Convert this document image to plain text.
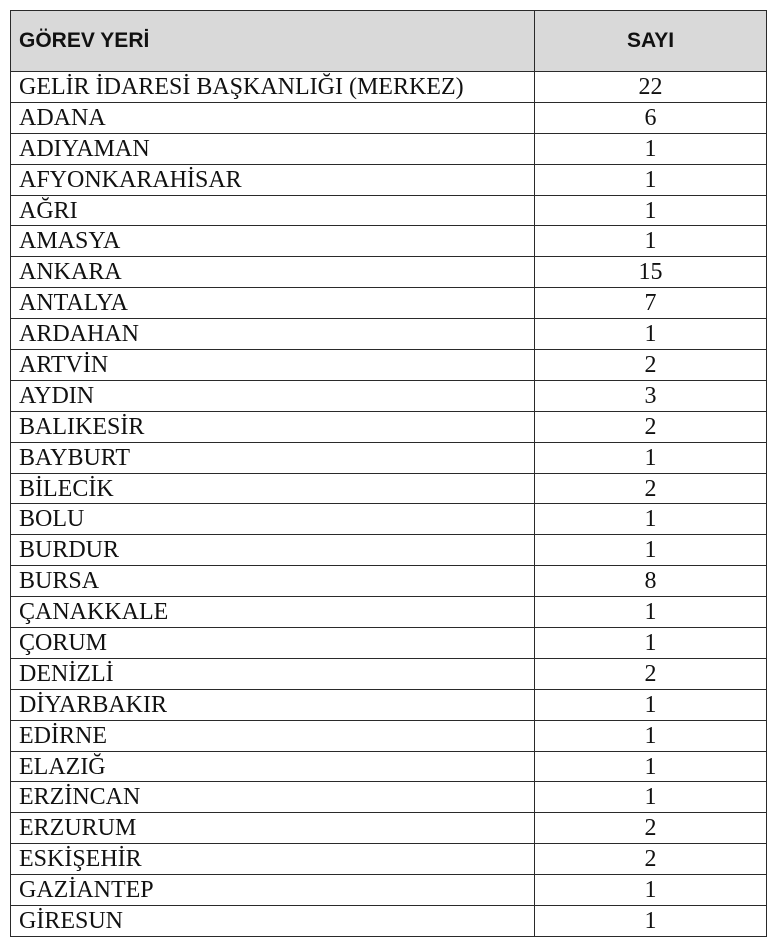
GÖREV YERİ	SAYI
GELİR İDARESİ BAŞKANLIĞI (MERKEZ)	22
ADANA	6
ADIYAMAN	1
AFYONKARAHİSAR	1
AĞRI	1
AMASYA	1
ANKARA	15
ANTALYA	7
ARDAHAN	1
ARTVİN	2
AYDIN	3
BALIKESİR	2
BAYBURT	1
BİLECİK	2
BOLU	1
BURDUR	1
BURSA	8
ÇANAKKALE	1
ÇORUM	1
DENİZLİ	2
DİYARBAKIR	1
EDİRNE	1
ELAZIĞ	1
ERZİNCAN	1
ERZURUM	2
ESKİŞEHİR	2
GAZİANTEP	1
GİRESUN	1
